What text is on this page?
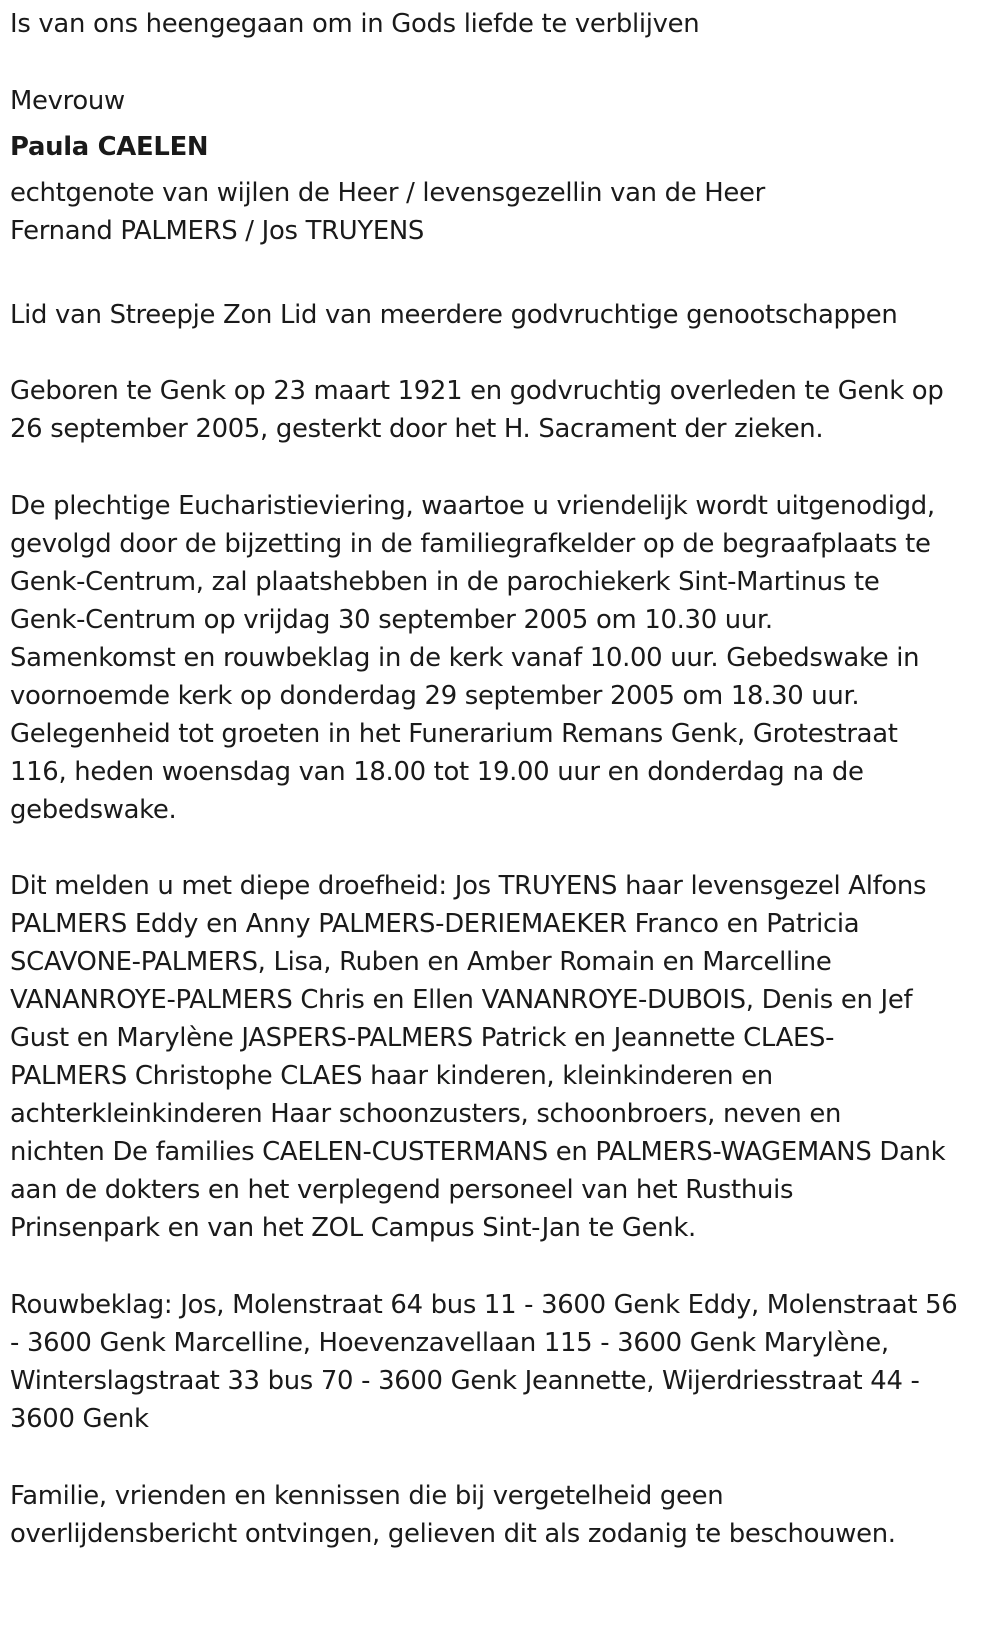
Is van ons heengegaan om in Gods liefde te verblijven

Mevrouw

Paula CAELEN

echtgenote van wijlen de Heer / levensgezellin van de Heer
Fernand PALMERS / Jos TRUYENS

Lid van Streepje Zon Lid van meerdere godvruchtige genootschappen

Geboren te Genk op 23 maart 1921 en godvruchtig overleden te Genk op
26 september 2005, gesterkt door het H. Sacrament der zieken.

De plechtige Eucharistieviering, waartoe u vriendelijk wordt uitgenodigd,
gevolgd door de bijzetting in de familiegrafkelder op de begraafplaats te
Genk-Centrum, zal plaatshebben in de parochiekerk Sint-Martinus te
Genk-Centrum op vrijdag 30 september 2005 om 10.30 uur.
Samenkomst en rouwbeklag in de kerk vanaf 10.00 uur. Gebedswake in
voornoemde kerk op donderdag 29 september 2005 om 18.30 uur.
Gelegenheid tot groeten in het Funerarium Remans Genk, Grotestraat
116, heden woensdag van 18.00 tot 19.00 uur en donderdag na de
gebedswake.

Dit melden u met diepe droefheid: Jos TRUYENS haar levensgezel Alfons
PALMERS Eddy en Anny PALMERS-DERIEMAEKER Franco en Patricia
SCAVONE-PALMERS, Lisa, Ruben en Amber Romain en Marcelline
VANANROYE-PALMERS Chris en Ellen VANANROYE-DUBOIS, Denis en Jef
Gust en Marylène JASPERS-PALMERS Patrick en Jeannette CLAES-
PALMERS Christophe CLAES haar kinderen, kleinkinderen en
achterkleinkinderen Haar schoonzusters, schoonbroers, neven en
nichten De families CAELEN-CUSTERMANS en PALMERS-WAGEMANS Dank
aan de dokters en het verplegend personeel van het Rusthuis
Prinsenpark en van het ZOL Campus Sint-Jan te Genk.

Rouwbeklag: Jos, Molenstraat 64 bus 11 - 3600 Genk Eddy, Molenstraat 56
- 3600 Genk Marcelline, Hoevenzavellaan 115 - 3600 Genk Marylène,
Winterslagstraat 33 bus 70 - 3600 Genk Jeannette, Wijerdriesstraat 44 -
3600 Genk

Familie, vrienden en kennissen die bij vergetelheid geen
overlijdensbericht ontvingen, gelieven dit als zodanig te beschouwen.
